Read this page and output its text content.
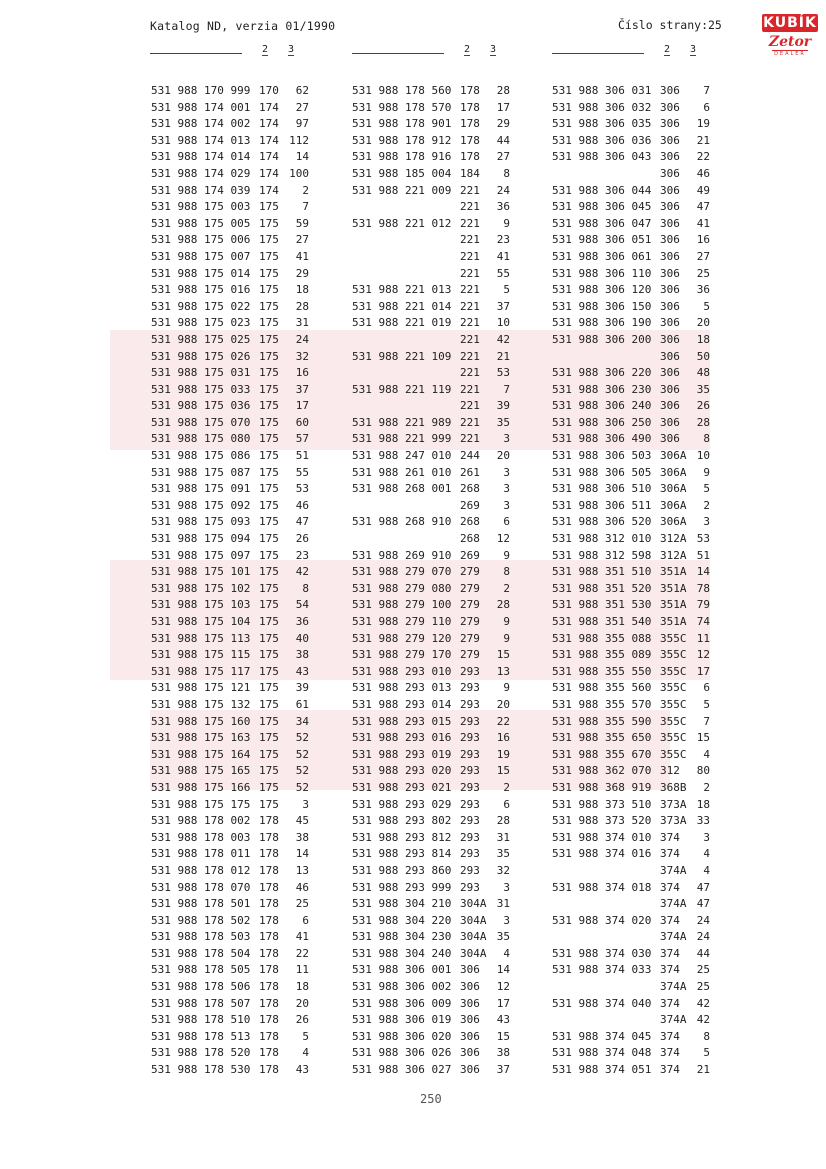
Katalog ND, verzia 01/1990	Číslo strany:25	KUBÍK
Zetor
DEALER
2 3	2 3	2 3
531 988 170 999 170	62
531 988 174 001 174	27
531 988 174 002 174	97
531 988 174 013 174 112
531 988 174 014 174	14
531 988 174 029 174 100
531 988 174 039 174	2
531 988 175 003 175	7
531 988 175 005 175	59
531 988 175 006 175	27
531 988 175 007 175	41
531 988 175 014 175	29
531 988 175 016 175	18
531 988 175 022 175	28
531 988 175 023 175	31
531 988 175 025 175	24
531 988 175 026 175	32
531 988 175 031 175	16
531 988 175 033 175	37
531 988 175 036 175	17
531 988 175 070 175	60
531 988 175 080 175	57
531 988 175 086 175	51
531 988 175 087 175	55
531 988 175 091 175	53
531 988 175 092 175	46
531 988 175 093 175	47
531 988 175 094 175	26
531 988 175 097 175	23
531 988 175 101 175	42
531 988 175 102 175	8
531 988 175 103 175	54
531 988 175 104 175	36
531 988 175 113 175	40
531 988 175 115 175	38
531 988 175 117 175	43
531 988 175 121 175	39
531 988 175 132 175	61
531 988 175 160 175	34
531 988 175 163 175	52
531 988 175 164 175	52
531 988 175 165 175	52
531 988 175 166 175	52
531 988 175 175 175	3
531 988 178 002 178	45
531 988 178 003 178	38
531 988 178 011 178	14
531 988 178 012 178	13
531 988 178 070 178	46
531 988 178 501 178	25
531 988 178 502 178	6
531 988 178 503 178	41
531 988 178 504 178	22
531 988 178 505 178	11
531 988 178 506 178	18
531 988 178 507 178	20
531 988 178 510 178	26
531 988 178 513 178	5
531 988 178 520 178	4
531 988 178 530 178	43
531 988 178 560 178	28
531 988 178 570 178	17
531 988 178 901 178	29
531 988 178 912 178	44
531 988 178 916 178	27
531 988 185 004 184	8
531 988 221 009 221	24
221	36
531 988 221 012 221	9
221	23
221	41
221	55
531 988 221 013 221	5
531 988 221 014 221	37
531 988 221 019 221	10
221	42
531 988 221 109 221	21
221	53
531 988 221 119 221	7
221	39
531 988 221 989 221	35
531 988 221 999 221	3
531 988 247 010 244	20
531 988 261 010 261	3
531 988 268 001 268	3
269	3
531 988 268 910 268	6
268	12
531 988 269 910 269	9
531 988 279 070 279	8
531 988 279 080 279	2
531 988 279 100 279	28
531 988 279 110 279	9
531 988 279 120 279	9
531 988 279 170 279	15
531 988 293 010 293	13
531 988 293 013 293	9
531 988 293 014 293	20
531 988 293 015 293	22
531 988 293 016 293	16
531 988 293 019 293	19
531 988 293 020 293	15
531 988 293 021 293	2
531 988 293 029 293	6
531 988 293 802 293	28
531 988 293 812 293	31
531 988 293 814 293	35
531 988 293 860 293	32
531 988 293 999 293	3
531 988 304 210 304A 31
531 988 304 220 304A	3
531 988 304 230 304A 35
531 988 304 240 304A	4
531 988 306 001 306	14
531 988 306 002 306	12
531 988 306 009 306	17
531 988 306 019 306	43
531 988 306 020 306	15
531 988 306 026 306	38
531 988 306 027 306	37
531 988 306 031 306	7
531 988 306 032 306	6
531 988 306 035 306	19
531 988 306 036 306	21
531 988 306 043 306	22
306	46
531 988 306 044 306	49
531 988 306 045 306	47
531 988 306 047 306	41
531 988 306 051 306	16
531 988 306 061 306	27
531 988 306 110 306	25
531 988 306 120 306	36
531 988 306 150 306	5
531 988 306 190 306	20
531 988 306 200 306	18
306	50
531 988 306 220 306	48
531 988 306 230 306	35
531 988 306 240 306	26
531 988 306 250 306	28
531 988 306 490 306	8
531 988 306 503 306A 10
531 988 306 505 306A	9
531 988 306 510 306A	5
531 988 306 511 306A	2
531 988 306 520 306A	3
531 988 312 010 312A 53
531 988 312 598 312A 51
531 988 351 510 351A 14
531 988 351 520 351A 78
531 988 351 530 351A 79
531 988 351 540 351A 74
531 988 355 088 355C 11
531 988 355 089 355C 12
531 988 355 550 355C 17
531 988 355 560 355C	6
531 988 355 570 355C	5
531 988 355 590 355C	7
531 988 355 650 355C 15
531 988 355 670 355C	4
531 988 362 070 312	80
531 988 368 919 368B	2
531 988 373 510 373A 18
531 988 373 520 373A 33
531 988 374 010 374	3
531 988 374 016 374	4
374A	4
531 988 374 018 374	47
374A 47
531 988 374 020 374	24
374A 24
531 988 374 030 374	44
531 988 374 033 374	25
374A 25
531 988 374 040 374	42
374A 42
531 988 374 045 374	8
531 988 374 048 374	5
531 988 374 051 374	21
250
